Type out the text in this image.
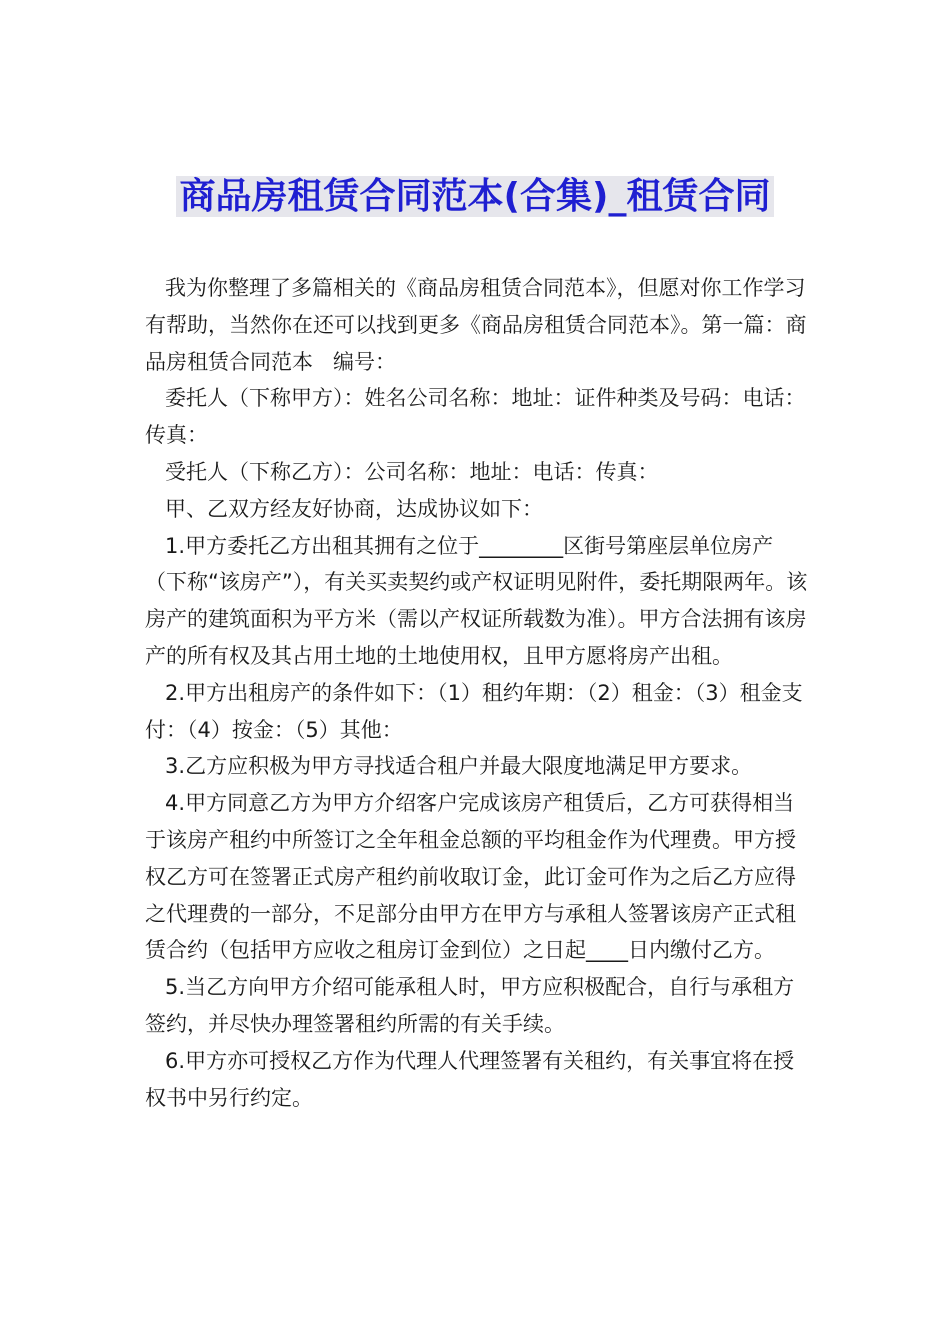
商品房租赁合同范本(合集)_租赁合同

我为你整理了多篇相关的《商品房租赁合同范本》，但愿对你工作学习有帮助，当然你在还可以找到更多《商品房租赁合同范本》。第一篇：商品房租赁合同范本   编号：

委托人（下称甲方）：姓名公司名称：地址：证件种类及号码：电话：传真：

受托人（下称乙方）：公司名称：地址：电话：传真：

甲、乙双方经友好协商，达成协议如下：

1.甲方委托乙方出租其拥有之位于________区街号第座层单位房产（下称“该房产”），有关买卖契约或产权证明见附件，委托期限两年。该房产的建筑面积为平方米（需以产权证所载数为准）。甲方合法拥有该房产的所有权及其占用土地的土地使用权，且甲方愿将房产出租。

2.甲方出租房产的条件如下：（1）租约年期：（2）租金：（3）租金支付：（4）按金：（5）其他：

3.乙方应积极为甲方寻找适合租户并最大限度地满足甲方要求。

4.甲方同意乙方为甲方介绍客户完成该房产租赁后，乙方可获得相当于该房产租约中所签订之全年租金总额的平均租金作为代理费。甲方授权乙方可在签署正式房产租约前收取订金，此订金可作为之后乙方应得之代理费的一部分，不足部分由甲方在甲方与承租人签署该房产正式租赁合约（包括甲方应收之租房订金到位）之日起____日内缴付乙方。

5.当乙方向甲方介绍可能承租人时，甲方应积极配合，自行与承租方签约，并尽快办理签署租约所需的有关手续。

6.甲方亦可授权乙方作为代理人代理签署有关租约，有关事宜将在授权书中另行约定。
